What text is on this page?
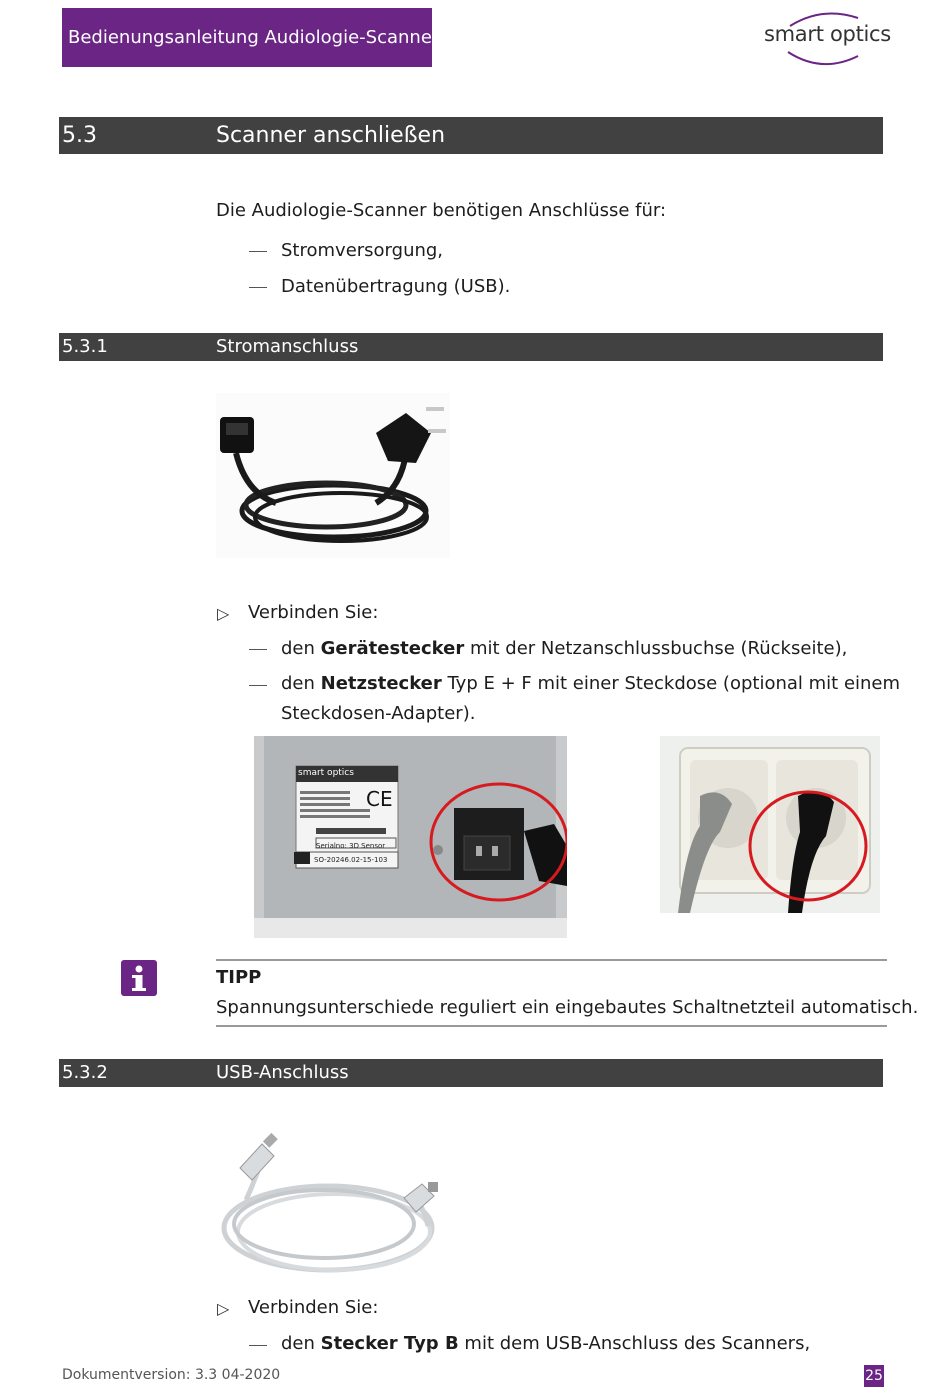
Bedienungsanleitung Audiologie-Scanner	smart optics
5.3	Scanner anschließen
Die Audiologie-Scanner benötigen Anschlüsse für:
Stromversorgung,
Datenübertragung (USB).
5.3.1	Stromanschluss
▷ Verbinden Sie:
den Gerätestecker mit der Netzanschlussbuchse (Rückseite),
den Netzstecker Typ E + F mit einer Steckdose (optional mit einem
Steckdosen-Adapter).
CE
smart optics
Serialno: 3D Sensor
SO-20246.02-15-103
TIPP
Spannungsunterschiede reguliert ein eingebautes Schaltnetzteil automatisch.
5.3.2	USB-Anschluss
▷ Verbinden Sie:
den Stecker Typ B mit dem USB-Anschluss des Scanners,
Dokumentversion: 3.3 04-2020	25
